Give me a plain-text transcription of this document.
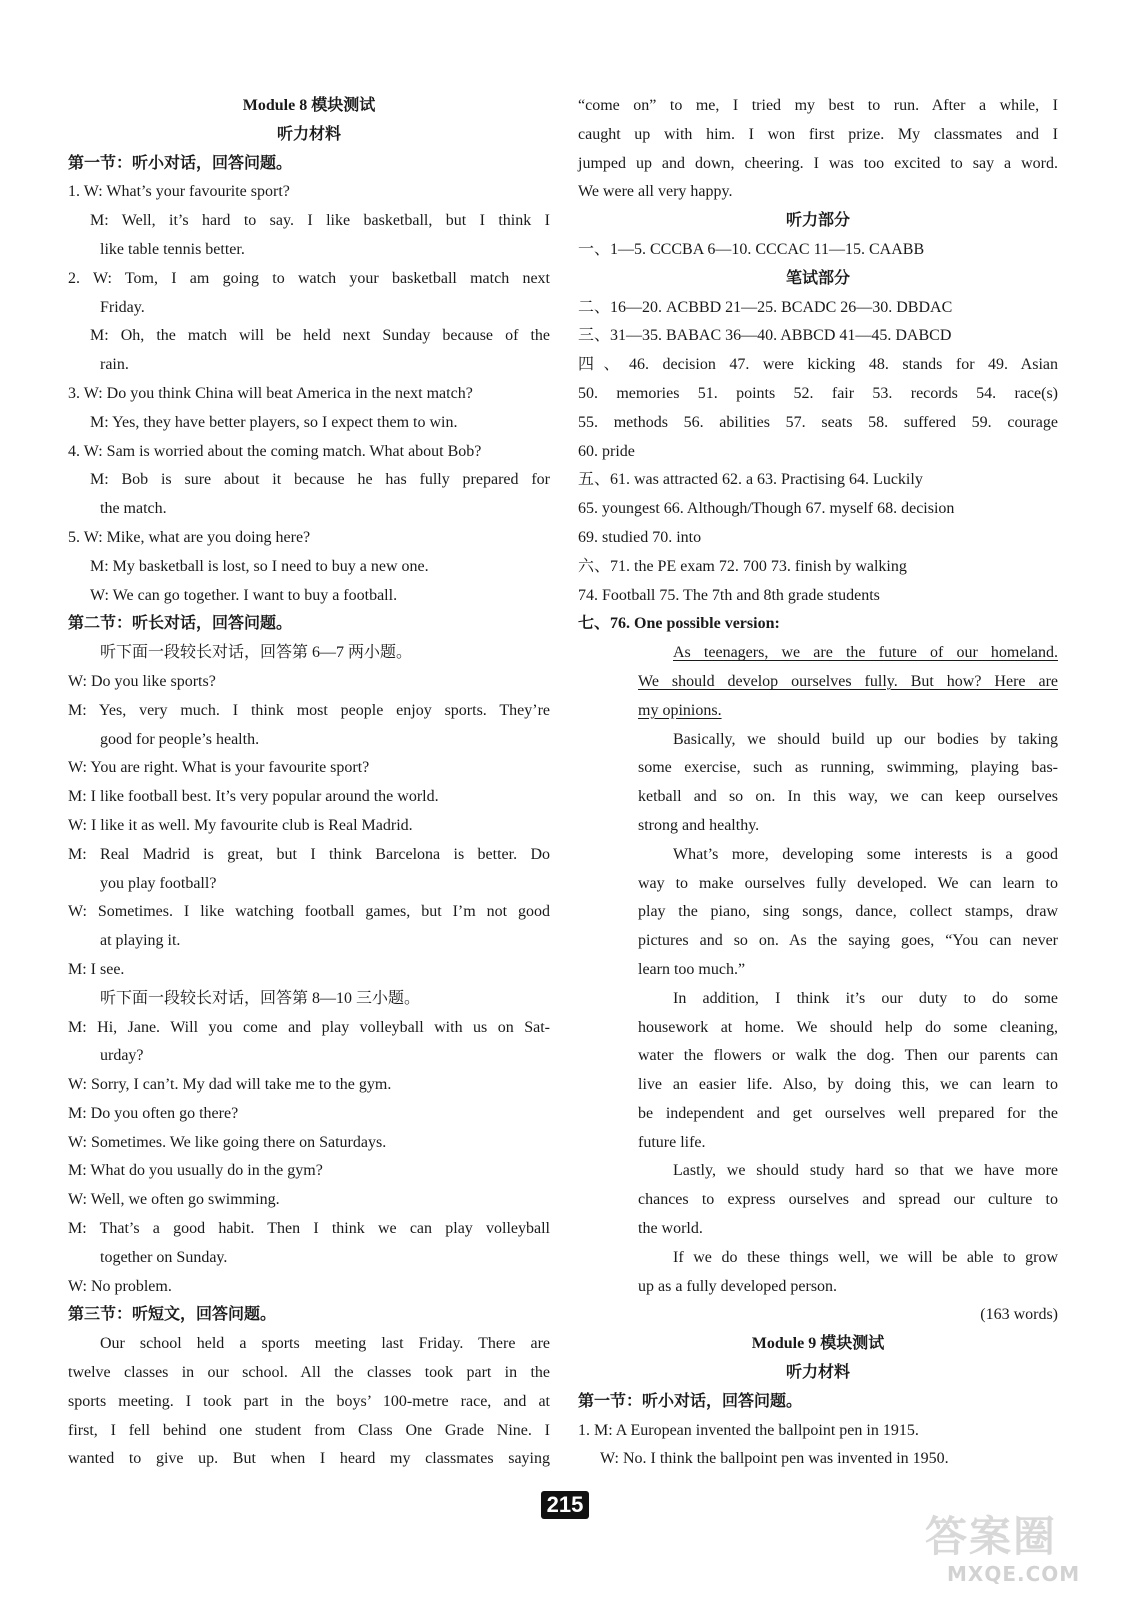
Module 8 模块测试
听力材料
第一节：听小对话，回答问题。
1. W: What’s your favourite sport?
M: Well, it’s hard to say. I like basketball, but I think I
like table tennis better.
2. W: Tom, I am going to watch your basketball match next
Friday.
M: Oh, the match will be held next Sunday because of the
rain.
3. W: Do you think China will beat America in the next match?
M: Yes, they have better players, so I expect them to win.
4. W: Sam is worried about the coming match. What about Bob?
M: Bob is sure about it because he has fully prepared for
the match.
5. W: Mike, what are you doing here?
M: My basketball is lost, so I need to buy a new one.
W: We can go together. I want to buy a football.
第二节：听长对话，回答问题。
听下面一段较长对话，回答第 6—7 两小题。
W: Do you like sports?
M: Yes, very much. I think most people enjoy sports. They’re
good for people’s health.
W: You are right. What is your favourite sport?
M: I like football best. It’s very popular around the world.
W: I like it as well. My favourite club is Real Madrid.
M: Real Madrid is great, but I think Barcelona is better. Do
you play football?
W: Sometimes. I like watching football games, but I’m not good
at playing it.
M: I see.
听下面一段较长对话，回答第 8—10 三小题。
M: Hi, Jane. Will you come and play volleyball with us on Sat-
urday?
W: Sorry, I can’t. My dad will take me to the gym.
M: Do you often go there?
W: Sometimes. We like going there on Saturdays.
M: What do you usually do in the gym?
W: Well, we often go swimming.
M: That’s a good habit. Then I think we can play volleyball
together on Sunday.
W: No problem.
第三节：听短文，回答问题。
Our school held a sports meeting last Friday. There are
twelve classes in our school. All the classes took part in the
sports meeting. I took part in the boys’ 100-metre race, and at
first, I fell behind one student from Class One Grade Nine. I
wanted to give up. But when I heard my classmates saying
“come on” to me, I tried my best to run. After a while, I
caught up with him. I won first prize. My classmates and I
jumped up and down, cheering. I was too excited to say a word.
We were all very happy.
听力部分
一、1—5. CCCBA 6—10. CCCAC 11—15. CAABB
笔试部分
二、16—20. ACBBD 21—25. BCADC 26—30. DBDAC
三、31—35. BABAC 36—40. ABBCD 41—45. DABCD
四、46. decision 47. were kicking 48. stands for 49. Asian
50. memories 51. points 52. fair 53. records 54. race(s)
55. methods 56. abilities 57. seats 58. suffered 59. courage
60. pride
五、61. was attracted 62. a 63. Practising 64. Luckily
65. youngest 66. Although/Though 67. myself 68. decision
69. studied 70. into
六、71. the PE exam 72. 700 73. finish by walking
74. Football 75. The 7th and 8th grade students
七、76. One possible version:
As teenagers, we are the future of our homeland.
We should develop ourselves fully. But how? Here are
my opinions.
Basically, we should build up our bodies by taking
some exercise, such as running, swimming, playing bas-
ketball and so on. In this way, we can keep ourselves
strong and healthy.
What’s more, developing some interests is a good
way to make ourselves fully developed. We can learn to
play the piano, sing songs, dance, collect stamps, draw
pictures and so on. As the saying goes, “You can never
learn too much.”
In addition, I think it’s our duty to do some
housework at home. We should help do some cleaning,
water the flowers or walk the dog. Then our parents can
live an easier life. Also, by doing this, we can learn to
be independent and get ourselves well prepared for the
future life.
Lastly, we should study hard so that we have more
chances to express ourselves and spread our culture to
the world.
If we do these things well, we will be able to grow
up as a fully developed person.
(163 words)
Module 9 模块测试
听力材料
第一节：听小对话，回答问题。
1. M: A European invented the ballpoint pen in 1915.
W: No. I think the ballpoint pen was invented in 1950.
215
答案圈
MXQE.COM
